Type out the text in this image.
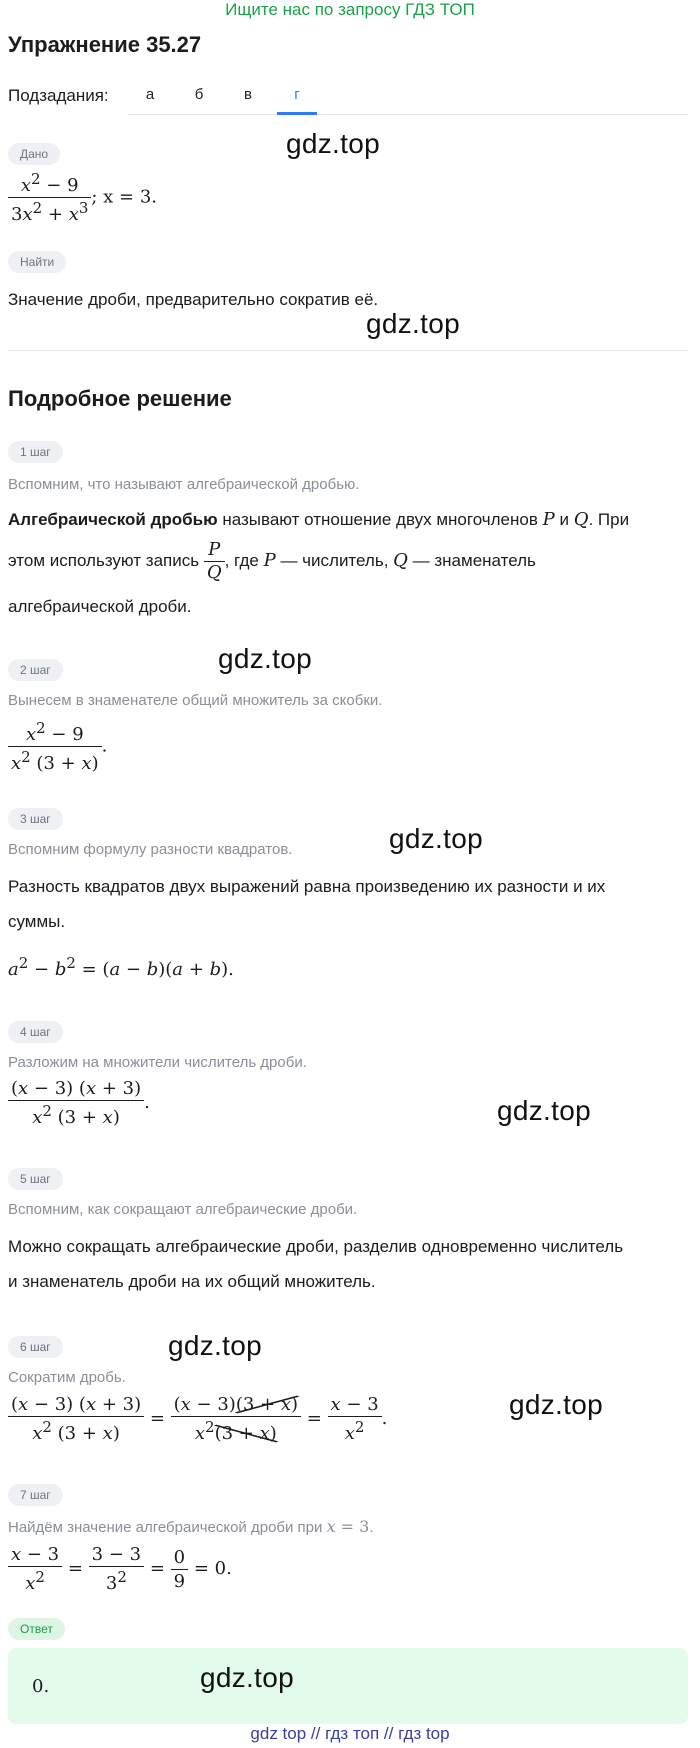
Ищите нас по запросу ГДЗ ТОП
Упражнение 35.27
Подзадания:	а	б	в	г
Дано	gdz.top
$\frac{x^2 - 9}{3x^2 + x^3}$ ; x = 3.
Найти
Значение дроби, предварительно сократив её.
gdz.top
Подробное решение
1 шаг
Вспомним, что называют алгебраической дробью.
Алгебраической дробью называют отношение двух многочленов P и Q. При
этом используют запись $\frac{P}{Q}$ , где P — числитель, Q — знаменатель
алгебраической дроби.
2 шаг	gdz.top
Вынесем в знаменателе общий множитель за скобки.
$\frac{x^2 - 9}{x^2 (3 + x)}$ .
3 шаг
gdz.top
Вспомним формулу разности квадратов.
Разность квадратов двух выражений равна произведению их разности и их
суммы.
$a^2 - b^2 = (a - b)(a + b)$.
4 шаг
Разложим на множители числитель дроби.
$\frac{(x - 3) (x + 3)}{x^2 (3 + x)}$ .	gdz.top
5 шаг
Вспомним, как сокращают алгебраические дроби.
Можно сокращать алгебраические дроби, разделив одновременно числитель
и знаменатель дроби на их общий множитель.
6 шаг	gdz.top
Сократим дробь.
$\frac{(x - 3) (x + 3)}{x^2 (3 + x)} = \frac{(x - 3)(3 + x)}{x^2(3 + x)} = \frac{x - 3}{x^2}$ .	gdz.top
7 шаг
Найдём значение алгебраической дроби при x = 3.
$\frac{x - 3}{x^2} = \frac{3 - 3}{3^2} = \frac{0}{9} = 0$.
Ответ
0.	gdz.top
gdz top // гдз топ // гдз top
